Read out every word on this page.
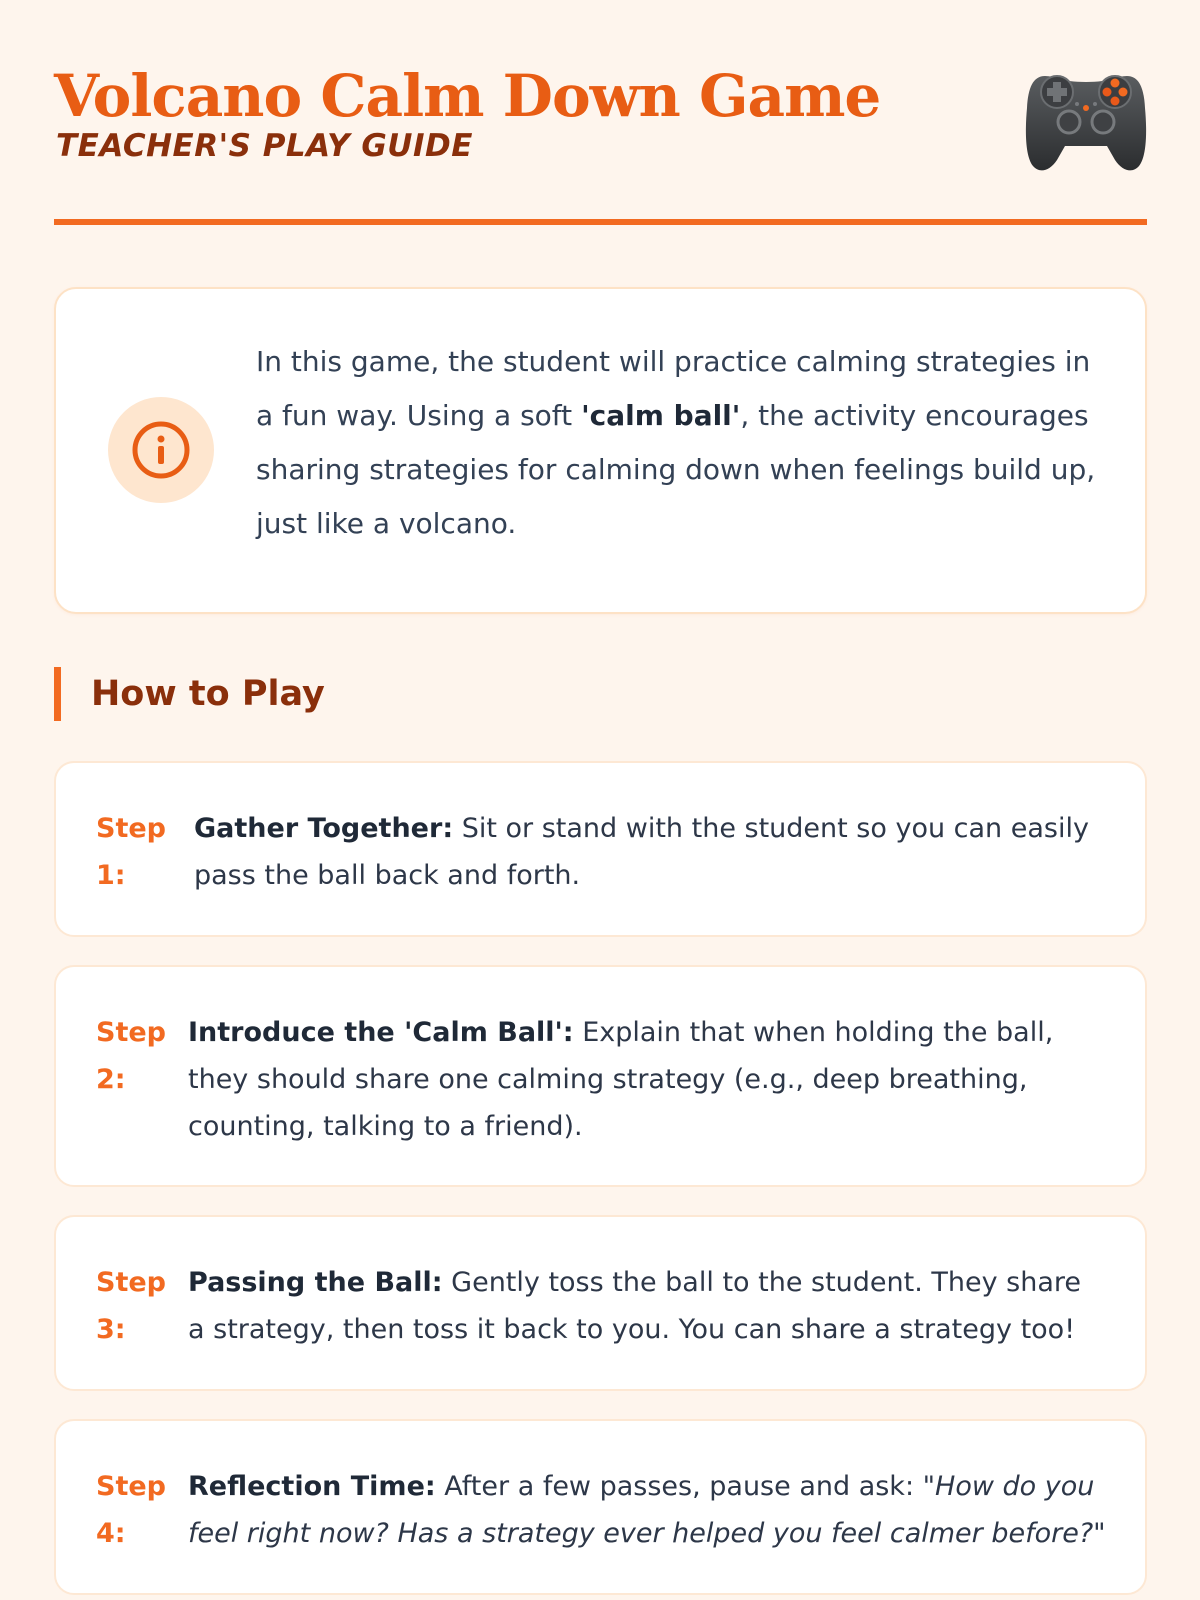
Volcano Calm Down Game

TEACHER'S PLAY GUIDE

In this game, the student will practice calming strategies in a fun way. Using a soft 'calm ball', the activity encourages sharing strategies for calming down when feelings build up, just like a volcano.

How to Play

Step 1:

Gather Together: Sit or stand with the student so you can easily pass the ball back and forth.

Step 2:

Introduce the 'Calm Ball': Explain that when holding the ball, they should share one calming strategy (e.g., deep breathing, counting, talking to a friend).

Step 3:

Passing the Ball: Gently toss the ball to the student. They share a strategy, then toss it back to you. You can share a strategy too!

Step 4:

Reflection Time: After a few passes, pause and ask: "How do you feel right now? Has a strategy ever helped you feel calmer before?"
